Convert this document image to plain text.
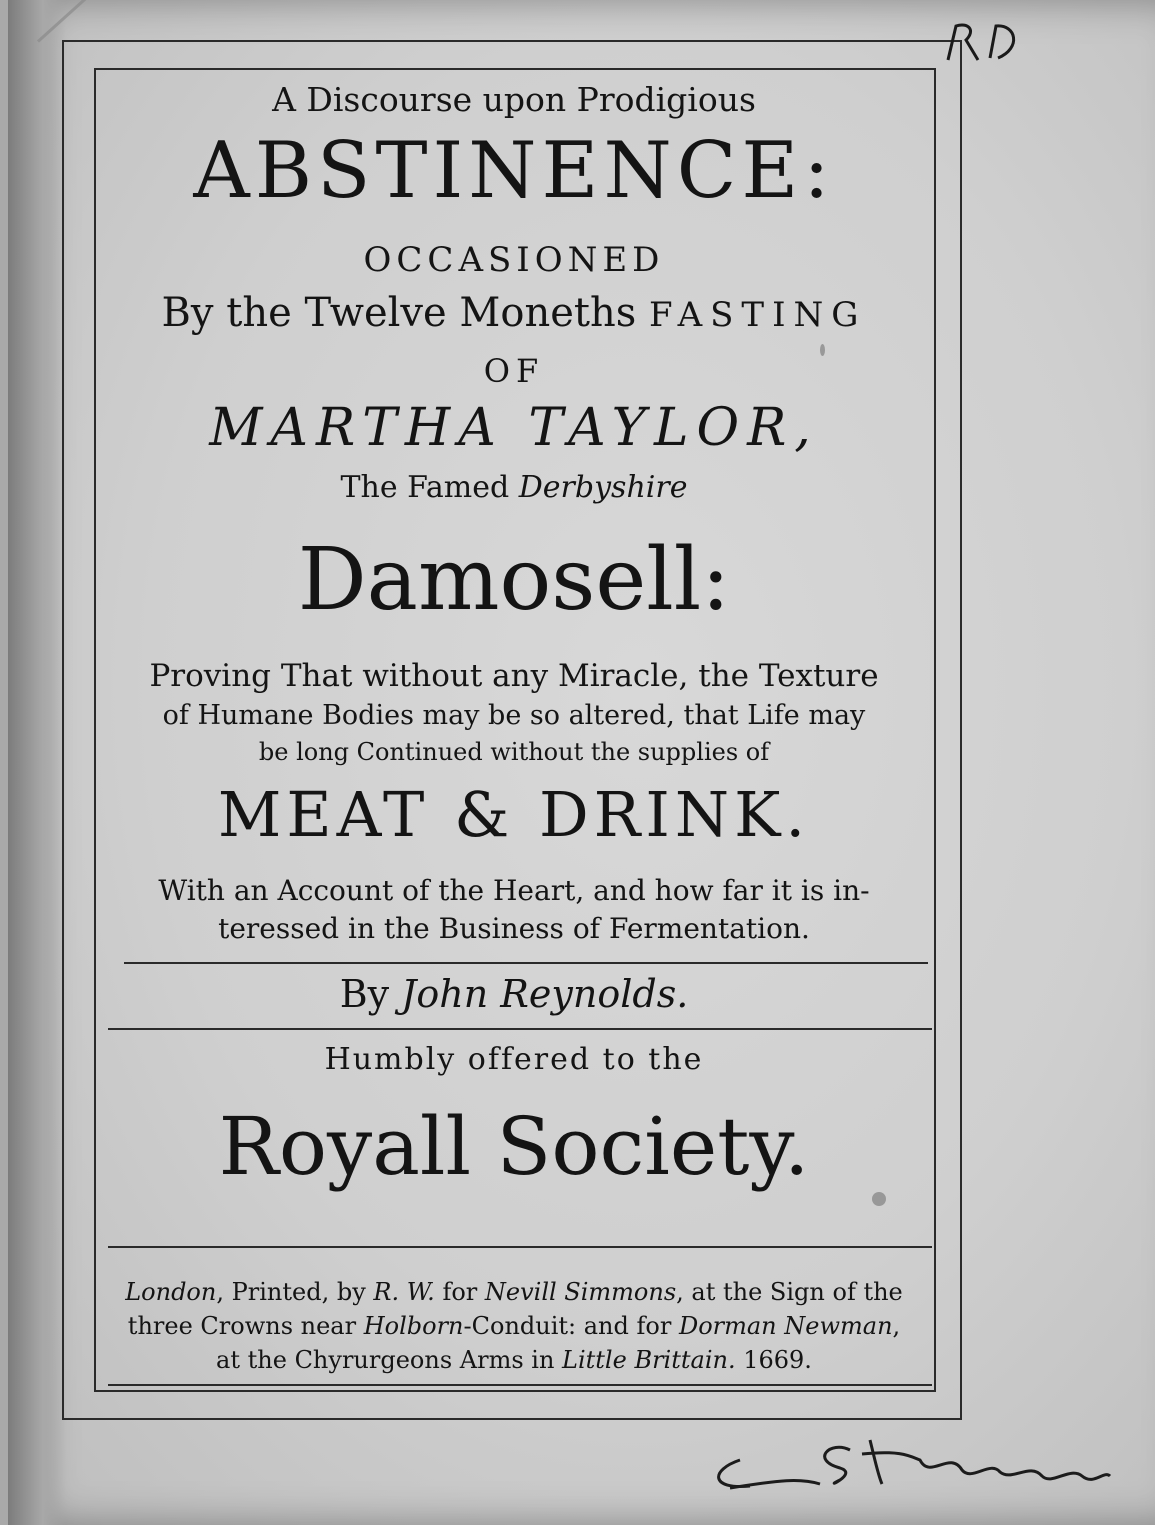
A Discourse upon Prodigious

ABSTINENCE:

OCCASIONED

By the Twelve Moneths FASTING

OF

MARTHA TAYLOR,

The Famed Derbyshire

Damosell:

Proving That without any Miracle, the Texture

of Humane Bodies may be so altered, that Life may

be long Continued without the supplies of

MEAT & DRINK.

With an Account of the Heart, and how far it is in-

teressed in the Business of Fermentation.

By John Reynolds.

Humbly offered to the

Royall Society.

London, Printed, by R. W. for Nevill Simmons, at the Sign of the

three Crowns near Holborn-Conduit: and for Dorman Newman,

at the Chyrurgeons Arms in Little Brittain. 1669.
